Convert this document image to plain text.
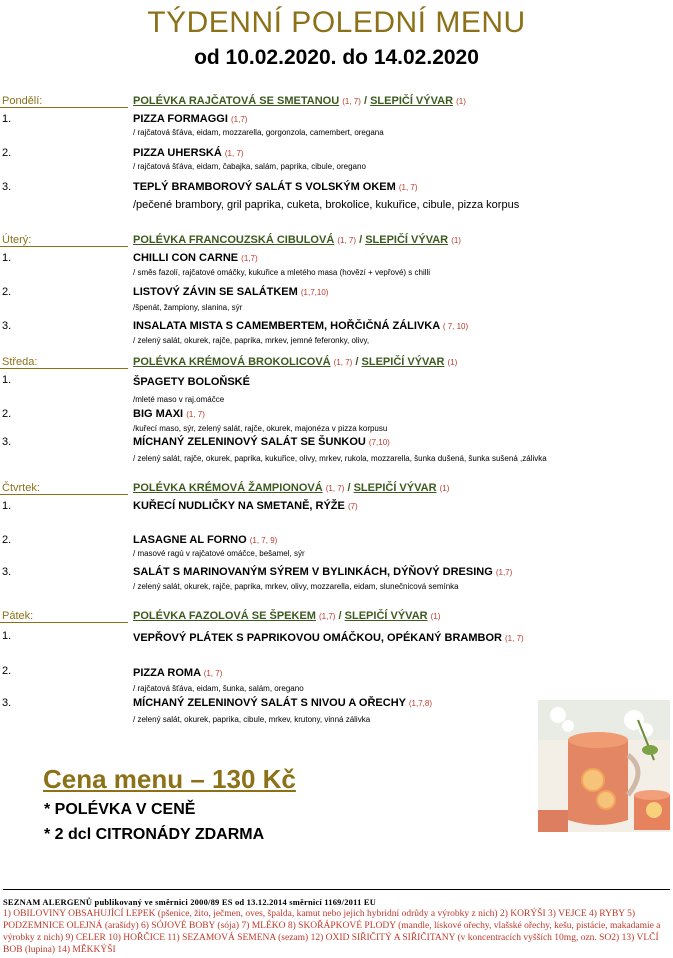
TÝDENNÍ POLEDNÍ MENU
od 10.02.2020. do 14.02.2020
Pondělí:	POLÉVKA RAJČATOVÁ SE SMETANOU (1, 7) / SLEPIČÍ VÝVAR (1)
1.	PIZZA FORMAGGI (1,7)
/ rajčatová šťáva, eidam, mozzarella, gorgonzola, camembert, oregana
2.	PIZZA UHERSKÁ (1, 7)
/ rajčatová šťáva, eidam, čabajka, salám, paprika, cibule, oregano
3.	TEPLÝ BRAMBOROVÝ SALÁT S VOLSKÝM OKEM (1, 7)
/pečené brambory, gril paprika, cuketa, brokolice, kukuřice, cibule, pizza korpus
Úterý:	POLÉVKA FRANCOUZSKÁ CIBULOVÁ (1, 7) / SLEPIČÍ VÝVAR (1)
1.	CHILLI CON CARNE (1,7)
/ směs fazolí, rajčatové omáčky, kukuřice a mletého masa (hovězí + vepřové) s chilli
2.	LISTOVÝ ZÁVIN SE SALÁTKEM (1,7,10)
/špenát, žampiony, slanina, sýr
3.	INSALATA MISTA S CAMEMBERTEM, HOŘČIČNÁ ZÁLIVKA ( 7, 10)
/ zelený salát, okurek, rajče, paprika, mrkev, jemné feferonky, olivy,
Středa:	POLÉVKA KRÉMOVÁ BROKOLICOVÁ (1, 7) / SLEPIČÍ VÝVAR (1)
1.	ŠPAGETY BOLOŇSKÉ
/mleté maso v raj.omáčce
2.	BIG MAXI (1, 7)
/kuřecí maso, sýr, zelený salát, rajče, okurek, majonéza v pizza korpusu
3.	MÍCHANÝ ZELENINOVÝ SALÁT SE ŠUNKOU (7,10)
/ zelený salát, rajče, okurek, paprika, kukuřice, olivy, mrkev, rukola, mozzarella, šunka dušená, šunka sušená ,zálivka
Čtvrtek:	POLÉVKA KRÉMOVÁ ŽAMPIONOVÁ (1, 7) / SLEPIČÍ VÝVAR (1)
1.	KUŘECÍ NUDLIČKY NA SMETANĚ, RÝŽE (7)
2.	LASAGNE AL FORNO (1, 7, 9)
/ masové ragú v rajčatové omáčce, bešamel, sýr
3.	SALÁT S MARINOVANÝM SÝREM V BYLINKÁCH, DÝŇOVÝ DRESING (1,7)
/ zelený salát, okurek, rajče, paprika, mrkev, olivy, mozzarella, eidam, slunečnicová semínka
Pátek:	POLÉVKA FAZOLOVÁ SE ŠPEKEM (1,7) / SLEPIČÍ VÝVAR (1)
1.	VEPŘOVÝ PLÁTEK S PAPRIKOVOU OMÁČKOU, OPÉKANÝ BRAMBOR (1, 7)
2.	PIZZA ROMA (1, 7)
/ rajčatová šťáva, eidam, šunka, salám, oregano
3.	MÍCHANÝ ZELENINOVÝ SALÁT S NIVOU A OŘECHY (1,7,8)
/ zelený salát, okurek, paprika, cibule, mrkev, krutony, vinná zálivka
Cena menu – 130 Kč
* POLÉVKA V CENĚ
* 2 dcl CITRONÁDY ZDARMA
SEZNAM ALERGENŮ publikovaný ve směrnici 2000/89 ES od 13.12.2014 směrnicí 1169/2011 EU
1) OBILOVINY OBSAHUJÍCÍ LEPEK (pšenice, žito, ječmen, oves, špalda, kamut nebo jejich hybridní odrůdy a výrobky z nich) 2) KORÝŠI 3) VEJCE 4) RYBY 5) PODZEMNICE OLEJNÁ (arašídy) 6) SÓJOVÉ BOBY (sója) 7) MLÉKO 8) SKOŘÁPKOVÉ PLODY (mandle, lískové ořechy, vlašské ořechy, kešu, pistácie, makadamie a výrobky z nich) 9) CELER 10) HOŘČICE 11) SEZAMOVÁ SEMENA (sezam) 12) OXID SIŘIČITÝ A SIŘIČITANY (v koncentracích vyšších 10mg, ozn. SO2) 13) VLČÍ BOB (lupina) 14) MĚKKÝŠI
